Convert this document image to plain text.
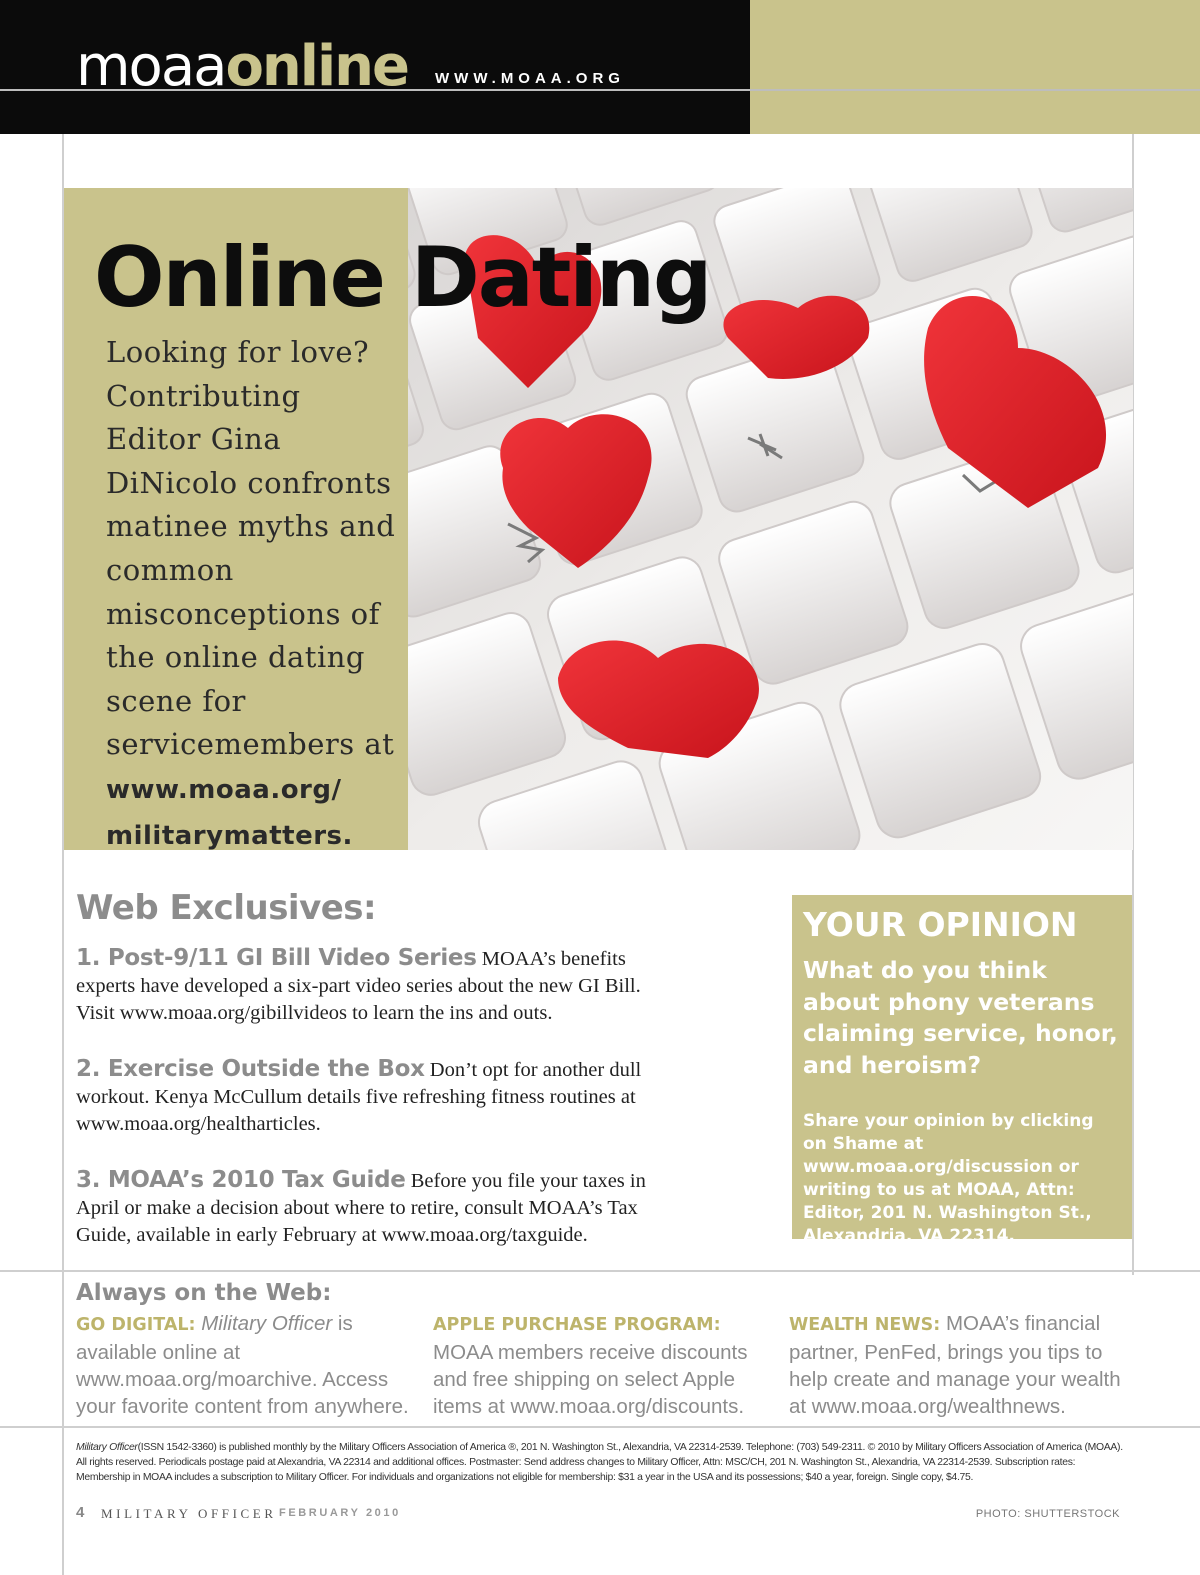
moaaonline WWW.MOAA.ORG
Online Dating
Looking for love? Contributing Editor Gina DiNicolo confronts matinee myths and common misconceptions of the online dating scene for servicemembers at www.moaa.org/
militarymatters.
Web Exclusives:
1. Post-9/11 GI Bill Video Series MOAA’s benefits experts have developed a six-part video series about the new GI Bill. Visit www.moaa.org/gibillvideos to learn the ins and outs.
2. Exercise Outside the Box Don’t opt for another dull workout. Kenya McCullum details five refreshing fitness routines at www.moaa.org/healtharticles.
3. MOAA’s 2010 Tax Guide Before you file your taxes in April or make a decision about where to retire, consult MOAA’s Tax Guide, available in early February at www.moaa.org/taxguide.
YOUR OPINION
What do you think about phony veterans claiming service, honor, and heroism?
Share your opinion by clicking on Shame at www.moaa.org/discussion or writing to us at MOAA, Attn: Editor, 201 N. Washington St., Alexandria, VA 22314.
Always on the Web:
GO DIGITAL: Military Officer is available online at www.moaa.org/moarchive. Access your favorite content from anywhere.
APPLE PURCHASE PROGRAM:
MOAA members receive discounts and free shipping on select Apple items at www.moaa.org/discounts.
WEALTH NEWS: MOAA’s financial partner, PenFed, brings you tips to help create and manage your wealth at www.moaa.org/wealthnews.
Military Officer(ISSN 1542-3360) is published monthly by the Military Officers Association of America ®, 201 N. Washington St., Alexandria, VA 22314-2539. Telephone: (703) 549-2311. © 2010 by Military Officers Association of America (MOAA). All rights reserved. Periodicals postage paid at Alexandria, VA 22314 and additional offices. Postmaster: Send address changes to Military Officer, Attn: MSC/CH, 201 N. Washington St., Alexandria, VA 22314-2539. Subscription rates: Membership in MOAA includes a subscription to Military Officer. For individuals and organizations not eligible for membership: $31 a year in the USA and its possessions; $40 a year, foreign. Single copy, $4.75.
4 MILITARY OFFICER FEBRUARY 2010	PHOTO: SHUTTERSTOCK
